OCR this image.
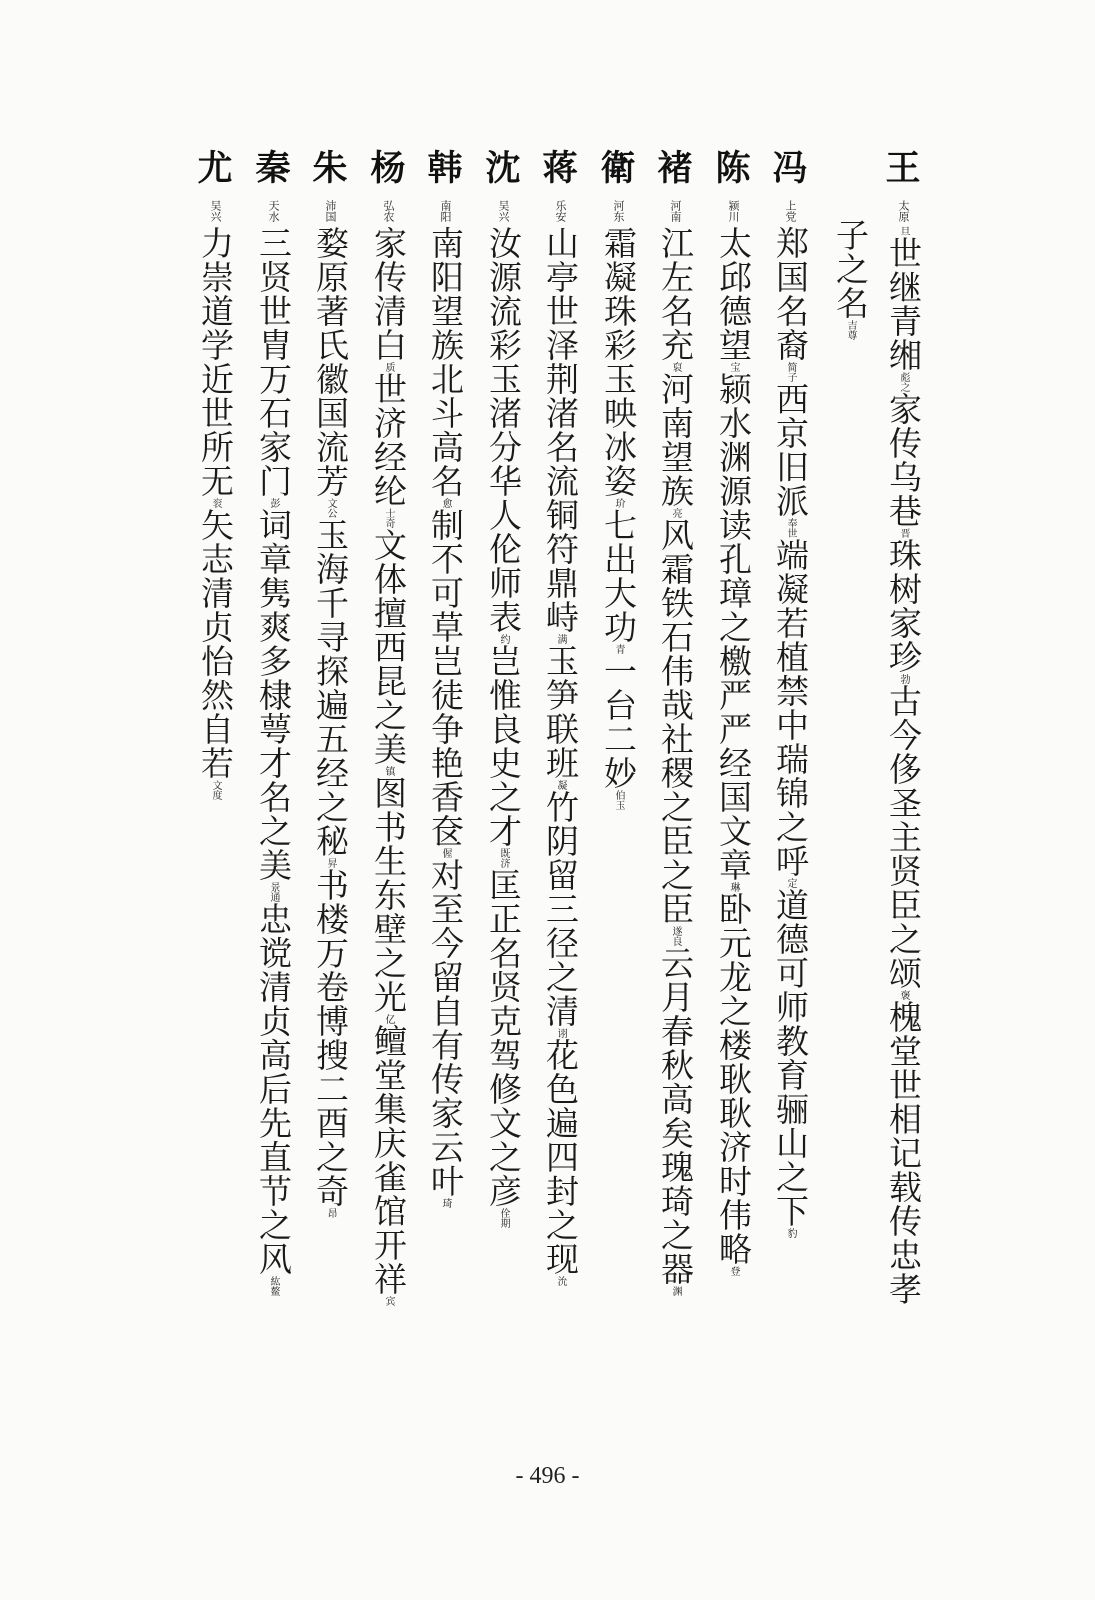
子之名吉尊
王
太原
旦世继青缃彪之家传乌巷晋珠树家珍勃古今侈圣主贤臣之颂褒槐堂世相记载传忠孝
冯
上党
郑国名裔简子西京旧派奉世端凝若植禁中瑞锦之呼定道德可师教育骊山之下豹
陈
颍川
太邱德望宝颍水渊源读孔璋之檄严严经国文章琳卧元龙之楼耿耿济时伟略登
褚
河南
江左名充裒河南望族亮风霜铁石伟哉社稷之臣之臣遂良云月春秋高矣瑰琦之器渊
衛
河东
霜凝珠彩玉映冰姿玠七出大功青一台二妙伯玉
蒋
乐安
山亭世泽荆渚名流铜符鼎峙满玉笋联班凝竹阴留三径之清诩花色遍四封之现沇
沈
吴兴
汝源流彩玉渚分华人伦师表约岂惟良史之才既济匡正名贤克驾修文之彦佺期
韩
南阳
南阳望族北斗高名愈制不可草岂徒争艳香奁偓对至今留自有传家云叶琦
杨
弘农
家传清白质世济经纶士奇文体擅西昆之美镇图书生东壁之光亿鳣堂集庆雀馆开祥宾
朱
沛国
婺原著氏徽国流芳文公玉海千寻探遍五经之秘昇书楼万卷博搜二酉之奇昂
秦
天水
三贤世胄万石家门彭词章隽爽多棣萼才名之美景通忠谠清贞高后先直节之风紘鳌
尤
吴兴
力崇道学近世所无衮矢志清贞怡然自若文度
- 496 -
